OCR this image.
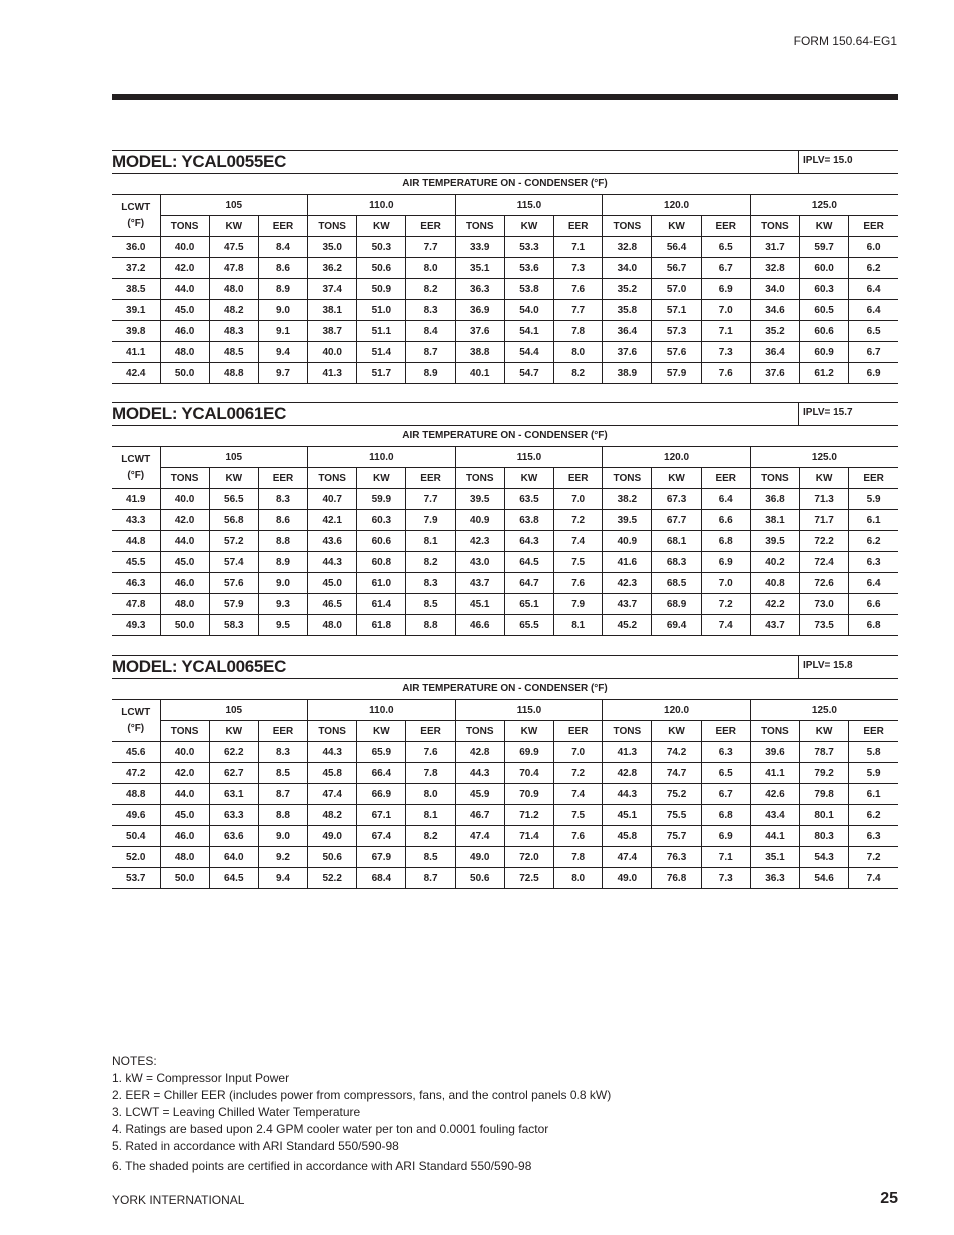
FORM 150.64-EG1
MODEL: YCAL0055EC	IPLV= 15.0
AIR TEMPERATURE ON - CONDENSER (°F)
LCWT
(°F)	105			110.0			115.0			120.0			125.0		
	TONS	KW	EER	TONS	KW	EER	TONS	KW	EER	TONS	KW	EER	TONS	KW	EER
36.0	40.0	47.5	8.4	35.0	50.3	7.7	33.9	53.3	7.1	32.8	56.4	6.5	31.7	59.7	6.0
37.2	42.0	47.8	8.6	36.2	50.6	8.0	35.1	53.6	7.3	34.0	56.7	6.7	32.8	60.0	6.2
38.5	44.0	48.0	8.9	37.4	50.9	8.2	36.3	53.8	7.6	35.2	57.0	6.9	34.0	60.3	6.4
39.1	45.0	48.2	9.0	38.1	51.0	8.3	36.9	54.0	7.7	35.8	57.1	7.0	34.6	60.5	6.4
39.8	46.0	48.3	9.1	38.7	51.1	8.4	37.6	54.1	7.8	36.4	57.3	7.1	35.2	60.6	6.5
41.1	48.0	48.5	9.4	40.0	51.4	8.7	38.8	54.4	8.0	37.6	57.6	7.3	36.4	60.9	6.7
42.4	50.0	48.8	9.7	41.3	51.7	8.9	40.1	54.7	8.2	38.9	57.9	7.6	37.6	61.2	6.9
MODEL: YCAL0061EC	IPLV= 15.7
AIR TEMPERATURE ON - CONDENSER (°F)
LCWT
(°F)	105			110.0			115.0			120.0			125.0		
	TONS	KW	EER	TONS	KW	EER	TONS	KW	EER	TONS	KW	EER	TONS	KW	EER
41.9	40.0	56.5	8.3	40.7	59.9	7.7	39.5	63.5	7.0	38.2	67.3	6.4	36.8	71.3	5.9
43.3	42.0	56.8	8.6	42.1	60.3	7.9	40.9	63.8	7.2	39.5	67.7	6.6	38.1	71.7	6.1
44.8	44.0	57.2	8.8	43.6	60.6	8.1	42.3	64.3	7.4	40.9	68.1	6.8	39.5	72.2	6.2
45.5	45.0	57.4	8.9	44.3	60.8	8.2	43.0	64.5	7.5	41.6	68.3	6.9	40.2	72.4	6.3
46.3	46.0	57.6	9.0	45.0	61.0	8.3	43.7	64.7	7.6	42.3	68.5	7.0	40.8	72.6	6.4
47.8	48.0	57.9	9.3	46.5	61.4	8.5	45.1	65.1	7.9	43.7	68.9	7.2	42.2	73.0	6.6
49.3	50.0	58.3	9.5	48.0	61.8	8.8	46.6	65.5	8.1	45.2	69.4	7.4	43.7	73.5	6.8
MODEL: YCAL0065EC	IPLV= 15.8
AIR TEMPERATURE ON - CONDENSER (°F)
LCWT
(°F)	105			110.0			115.0			120.0			125.0		
	TONS	KW	EER	TONS	KW	EER	TONS	KW	EER	TONS	KW	EER	TONS	KW	EER
45.6	40.0	62.2	8.3	44.3	65.9	7.6	42.8	69.9	7.0	41.3	74.2	6.3	39.6	78.7	5.8
47.2	42.0	62.7	8.5	45.8	66.4	7.8	44.3	70.4	7.2	42.8	74.7	6.5	41.1	79.2	5.9
48.8	44.0	63.1	8.7	47.4	66.9	8.0	45.9	70.9	7.4	44.3	75.2	6.7	42.6	79.8	6.1
49.6	45.0	63.3	8.8	48.2	67.1	8.1	46.7	71.2	7.5	45.1	75.5	6.8	43.4	80.1	6.2
50.4	46.0	63.6	9.0	49.0	67.4	8.2	47.4	71.4	7.6	45.8	75.7	6.9	44.1	80.3	6.3
52.0	48.0	64.0	9.2	50.6	67.9	8.5	49.0	72.0	7.8	47.4	76.3	7.1	35.1	54.3	7.2
53.7	50.0	64.5	9.4	52.2	68.4	8.7	50.6	72.5	8.0	49.0	76.8	7.3	36.3	54.6	7.4
NOTES:
1. kW = Compressor Input Power
2. EER = Chiller EER (includes power from compressors, fans, and the control panels 0.8 kW)
3. LCWT = Leaving Chilled Water Temperature
4. Ratings are based upon 2.4 GPM cooler water per ton and 0.0001 fouling factor
5. Rated in accordance with ARI Standard 550/590-98
6. The shaded points are certified in accordance with ARI Standard 550/590-98
YORK INTERNATIONAL	25
